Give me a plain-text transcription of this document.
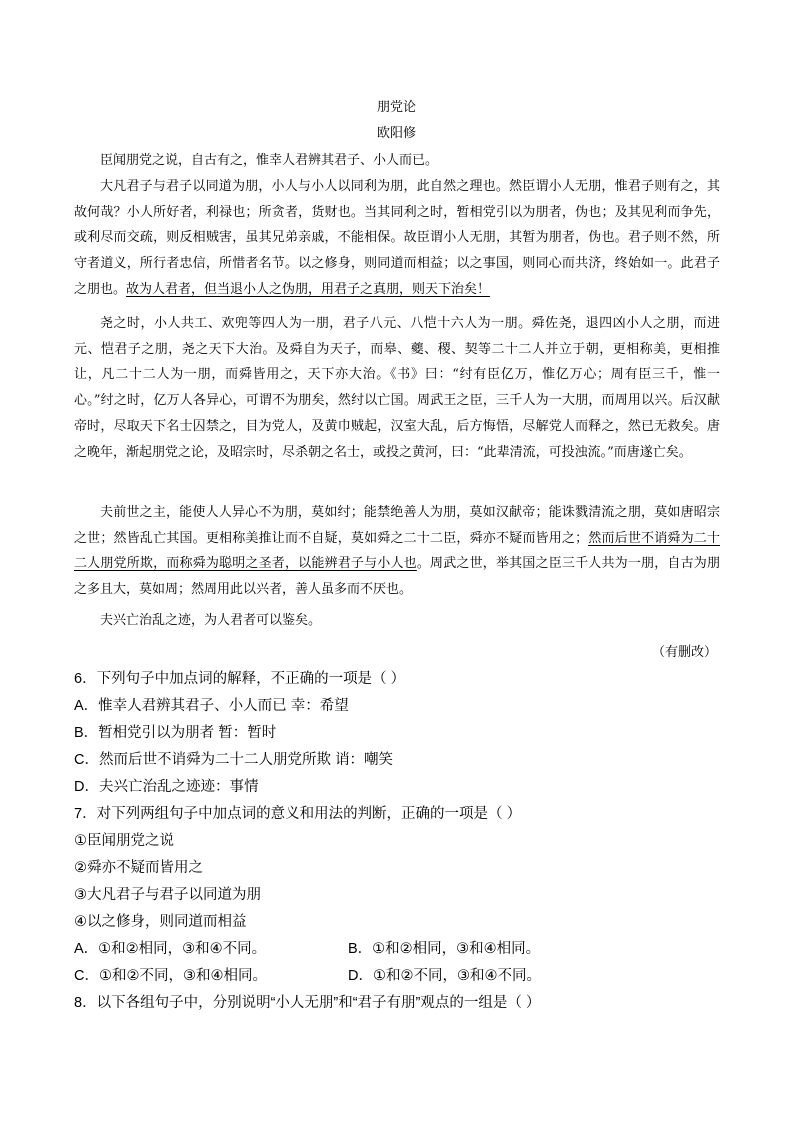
朋党论
欧阳修

臣闻朋党之说，自古有之，惟幸人君辨其君子、小人而已。

大凡君子与君子以同道为朋，小人与小人以同利为朋，此自然之理也。然臣谓小人无朋，惟君子则有之，其故何哉？小人所好者，利禄也；所贪者，货财也。当其同利之时，暂相党引以为朋者，伪也；及其见利而争先，或利尽而交疏，则反相贼害，虽其兄弟亲戚，不能相保。故臣谓小人无朋，其暂为朋者，伪也。君子则不然，所守者道义，所行者忠信，所惜者名节。以之修身，则同道而相益；以之事国，则同心而共济，终始如一。此君子之朋也。故为人君者，但当退小人之伪朋，用君子之真朋，则天下治矣！

尧之时，小人共工、欢兜等四人为一朋，君子八元、八恺十六人为一朋。舜佐尧，退四凶小人之朋，而进元、恺君子之朋，尧之天下大治。及舜自为天子，而皋、夔、稷、契等二十二人并立于朝，更相称美，更相推让，凡二十二人为一朋，而舜皆用之，天下亦大治。《书》曰：“纣有臣亿万，惟亿万心；周有臣三千，惟一心。”纣之时，亿万人各异心，可谓不为朋矣，然纣以亡国。周武王之臣，三千人为一大朋，而周用以兴。后汉献帝时，尽取天下名士囚禁之，目为党人，及黄巾贼起，汉室大乱，后方悔悟，尽解党人而释之，然已无救矣。唐之晚年，渐起朋党之论，及昭宗时，尽杀朝之名士，或投之黄河，曰：“此辈清流，可投浊流。”而唐遂亡矣。

夫前世之主，能使人人异心不为朋，莫如纣；能禁绝善人为朋，莫如汉献帝；能诛戮清流之朋，莫如唐昭宗之世；然皆乱亡其国。更相称美推让而不自疑，莫如舜之二十二臣，舜亦不疑而皆用之；然而后世不诮舜为二十二人朋党所欺，而称舜为聪明之圣者，以能辨君子与小人也。周武之世，举其国之臣三千人共为一朋，自古为朋之多且大，莫如周；然周用此以兴者，善人虽多而不厌也。

夫兴亡治乱之迹，为人君者可以鉴矣。

（有删改）
6．下列句子中加点词的解释，不正确的一项是（ ）
A．惟幸人君辨其君子、小人而已 幸：希望
B．暂相党引以为朋者 暂：暂时
C．然而后世不诮舜为二十二人朋党所欺 诮：嘲笑
D．夫兴亡治乱之迹迹：事情
7．对下列两组句子中加点词的意义和用法的判断，正确的一项是（ ）
①臣闻朋党之说
②舜亦不疑而皆用之
③大凡君子与君子以同道为朋
④以之修身，则同道而相益
A．①和②相同，③和④不同。	B．①和②相同，③和④相同。
C．①和②不同，③和④相同。	D．①和②不同，③和④不同。
8．以下各组句子中，分别说明“小人无朋”和“君子有朋”观点的一组是（ ）
